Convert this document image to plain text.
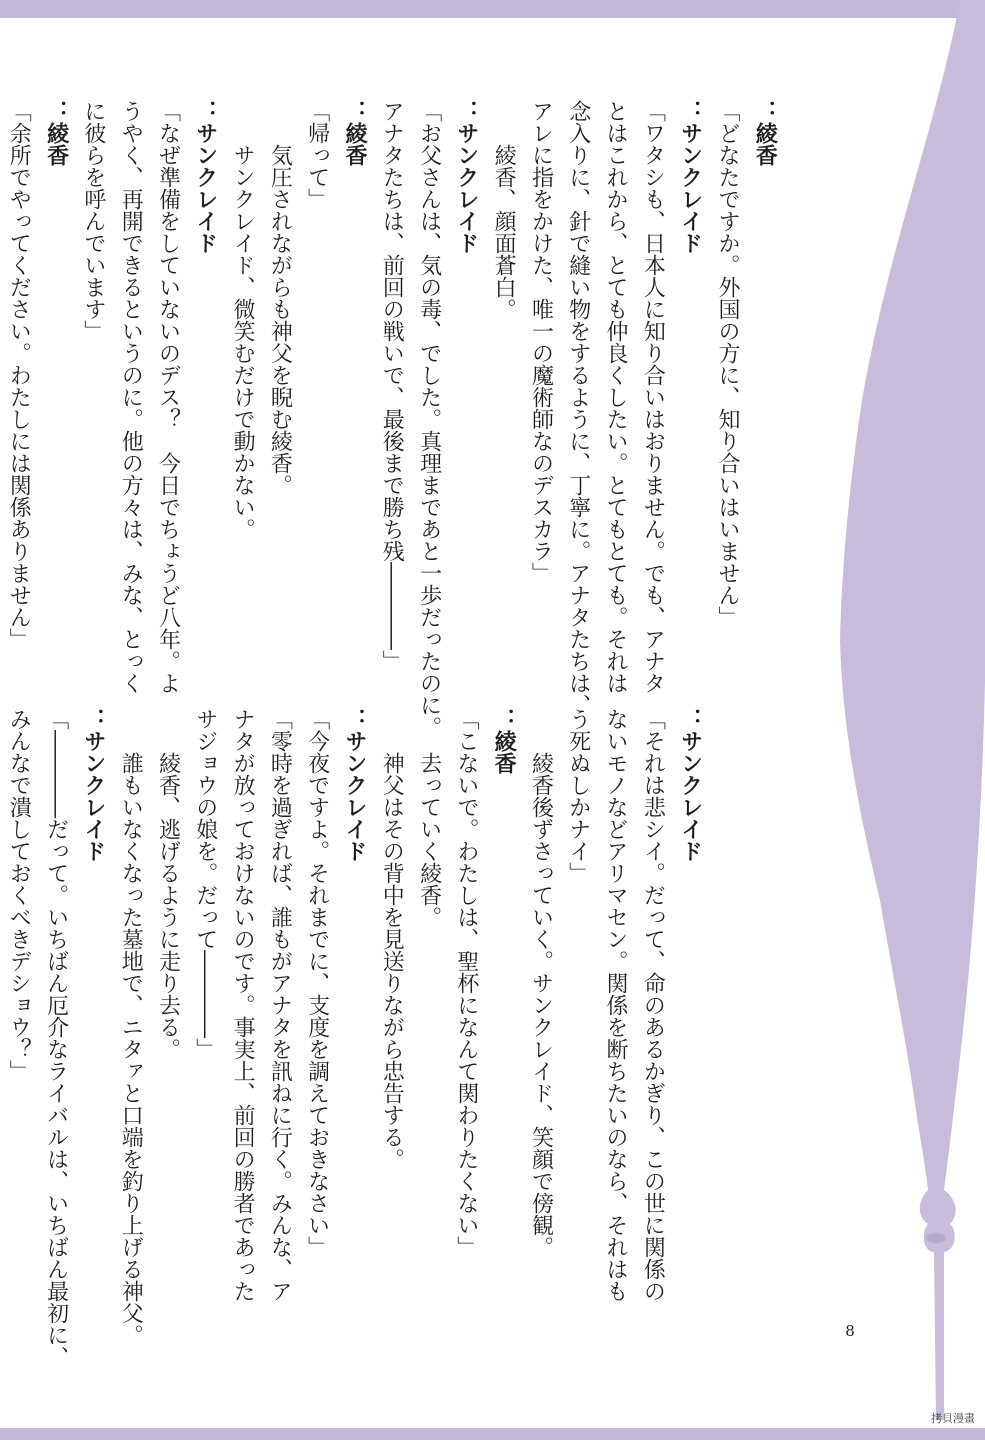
：綾香
「どなたですか。外国の方に、知り合いはいません」
：サンクレイド
「ワタシも、日本人に知り合いはおりません。でも、アナタ
とはこれから、とても仲良くしたい。とてもとても。それは
念入りに、針で縫い物をするように、丁寧に。アナタたちは、
アレに指をかけた、唯一の魔術師なのデスカラ」
綾香、顔面蒼白。
：サンクレイド
「お父さんは、気の毒、でした。真理まであと一歩だったのに。
アナタたちは、前回の戦いで、最後まで勝ち残――――」
：綾香
「帰って」
気圧されながらも神父を睨む綾香。
サンクレイド、微笑むだけで動かない。
：サンクレイド
「なぜ準備をしていないのデス？　今日でちょうど八年。よ
うやく、再開できるというのに。他の方々は、みな、とっく
に彼らを呼んでいます」
：綾香
「余所でやってください。わたしには関係ありません」
：サンクレイド
「それは悲シイ。だって、命のあるかぎり、この世に関係の
ないモノなどアリマセン。関係を断ちたいのなら、それはも
う死ぬしかナイ」
綾香後ずさっていく。サンクレイド、笑顔で傍観。
：綾香
「こないで。わたしは、聖杯になんて関わりたくない」
去っていく綾香。
神父はその背中を見送りながら忠告する。
：サンクレイド
「今夜ですよ。それまでに、支度を調えておきなさい」
「零時を過ぎれば、誰もがアナタを訊ねに行く。みんな、ア
ナタが放っておけないのです。事実上、前回の勝者であった
サジョウの娘を。だって――――」
綾香、逃げるように走り去る。
誰もいなくなった墓地で、ニタァと口端を釣り上げる神父。
：サンクレイド
「――――だって。いちばん厄介なライバルは、いちばん最初に、
みんなで潰しておくべきデショウ？」
8
拷貝漫畫
